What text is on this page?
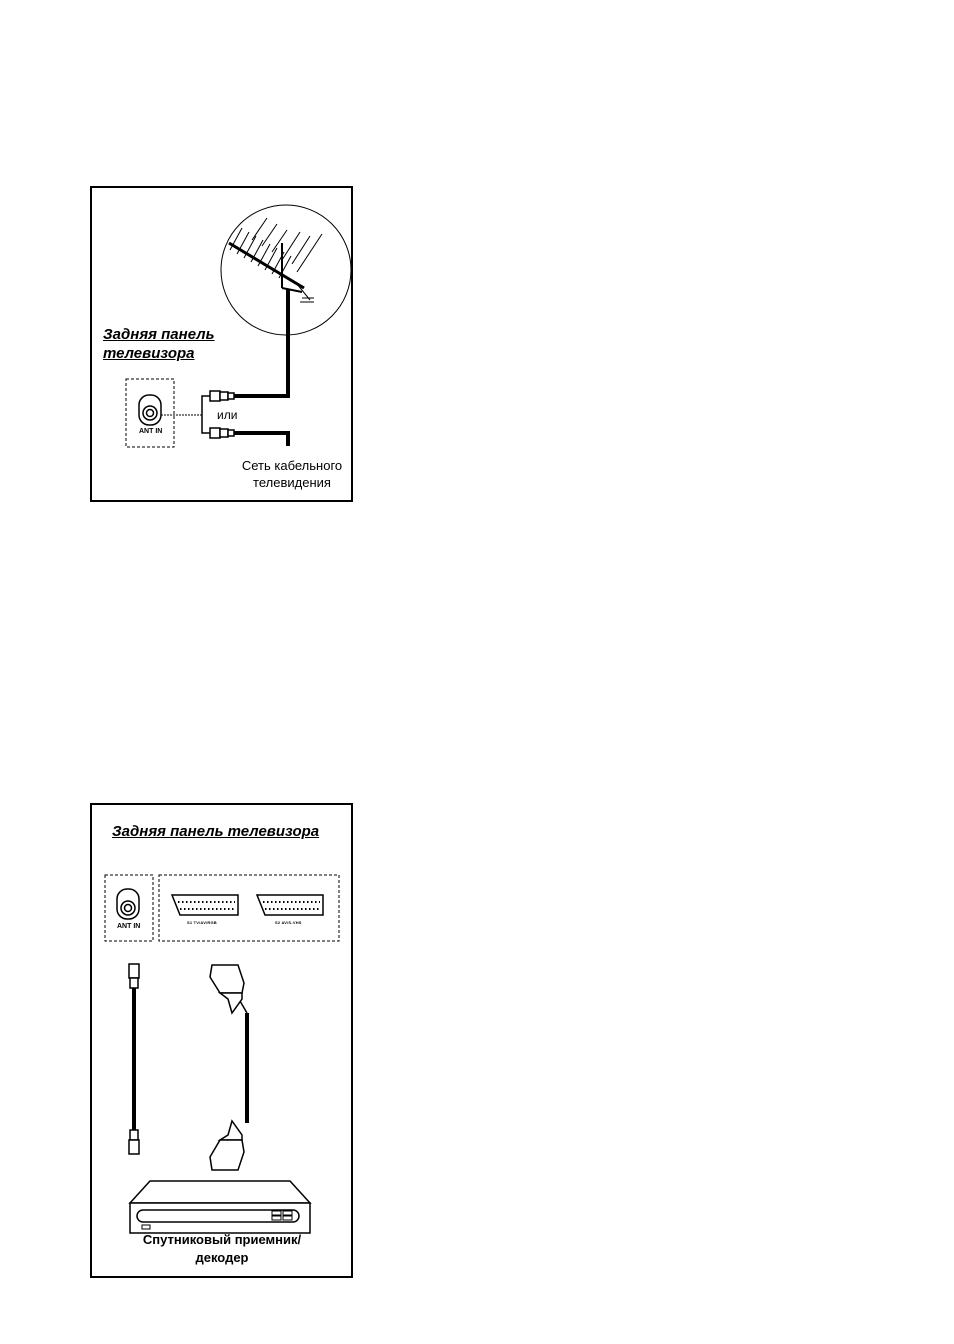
Задняя панель
телевизора
ANT IN
или
Сеть кабельного
телевидения
Задняя панель телевизора
ANT IN
S1 TV/AV/RGB	S2 AV/S-VHS
Спутниковый приемник/
декодер
